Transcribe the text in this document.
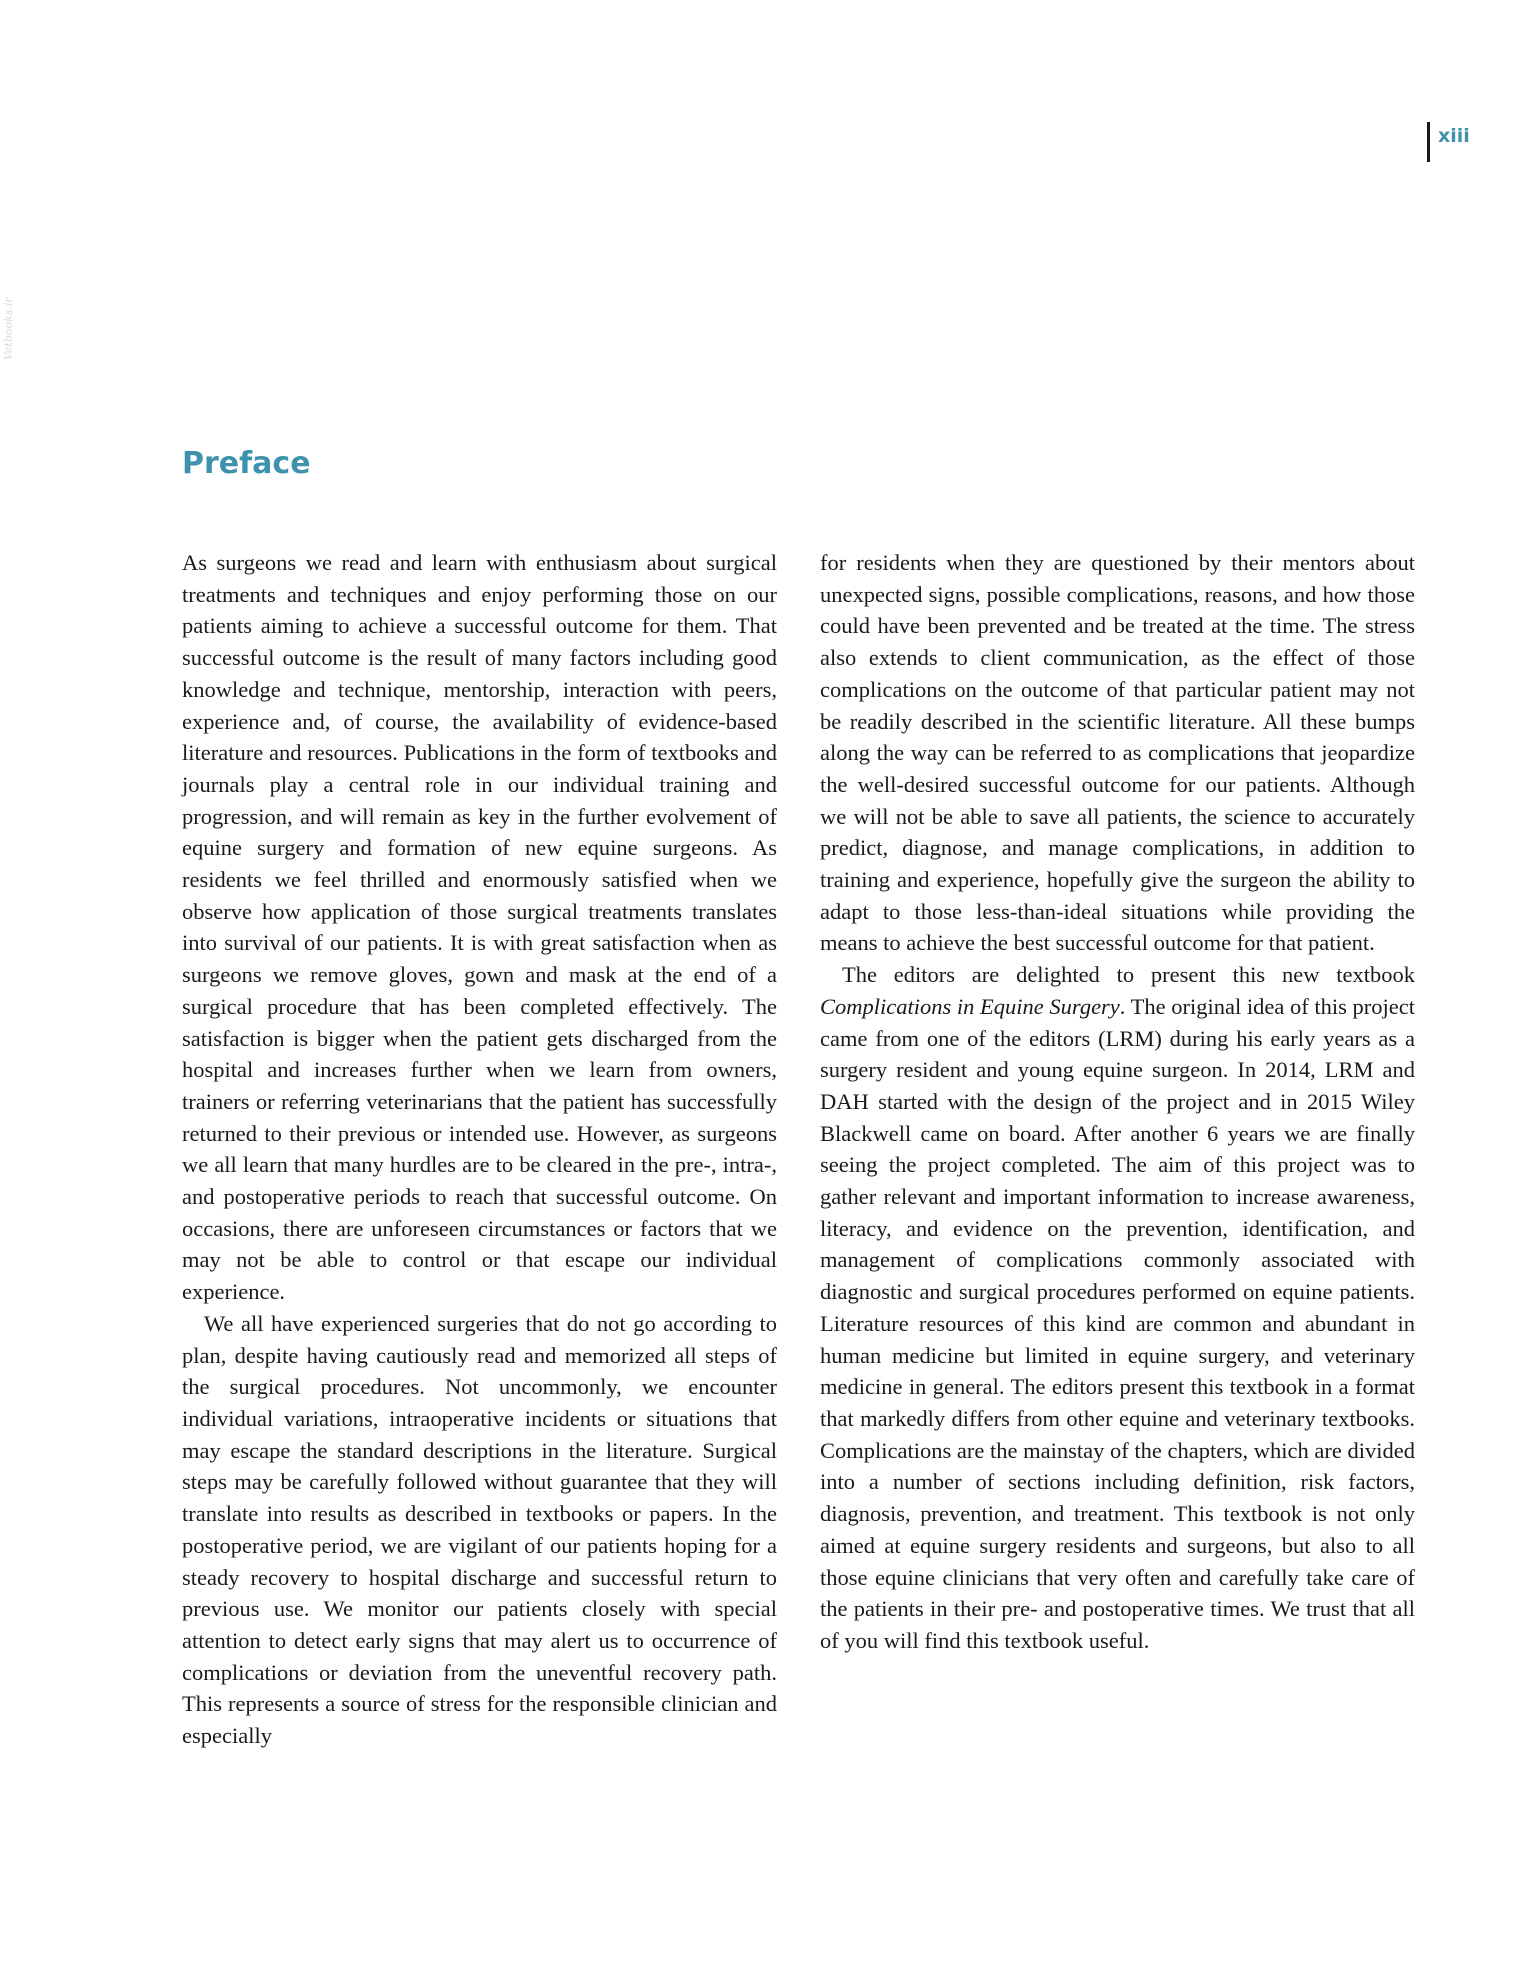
xiii
Vetbooks.ir
Preface

As surgeons we read and learn with enthusiasm about surgical treatments and techniques and enjoy performing those on our patients aiming to achieve a successful outcome for them. That successful outcome is the result of many factors including good knowledge and technique, mentorship, interaction with peers, experience and, of course, the availability of evidence-based literature and resources. Publications in the form of textbooks and journals play a central role in our individual training and progression, and will remain as key in the further evolvement of equine surgery and formation of new equine surgeons. As residents we feel thrilled and enormously satisfied when we observe how application of those surgical treatments translates into survival of our patients. It is with great satisfaction when as surgeons we remove gloves, gown and mask at the end of a surgical procedure that has been completed effectively. The satisfaction is bigger when the patient gets discharged from the hospital and increases further when we learn from owners, trainers or referring veterinarians that the patient has successfully returned to their previous or intended use. However, as surgeons we all learn that many hurdles are to be cleared in the pre-, intra-, and postoperative periods to reach that successful outcome. On occasions, there are unforeseen circumstances or factors that we may not be able to control or that escape our individual experience.

We all have experienced surgeries that do not go according to plan, despite having cautiously read and memorized all steps of the surgical procedures. Not uncommonly, we encounter individual variations, intraoperative incidents or situations that may escape the standard descriptions in the literature. Surgical steps may be carefully followed without guarantee that they will translate into results as described in textbooks or papers. In the postoperative period, we are vigilant of our patients hoping for a steady recovery to hospital discharge and successful return to previous use. We monitor our patients closely with special attention to detect early signs that may alert us to occurrence of complications or deviation from the uneventful recovery path. This represents a source of stress for the responsible clinician and especially

for residents when they are questioned by their mentors about unexpected signs, possible complications, reasons, and how those could have been prevented and be treated at the time. The stress also extends to client communication, as the effect of those complications on the outcome of that particular patient may not be readily described in the scientific literature. All these bumps along the way can be referred to as complications that jeopardize the well-desired successful outcome for our patients. Although we will not be able to save all patients, the science to accurately predict, diagnose, and manage complications, in addition to training and experience, hopefully give the surgeon the ability to adapt to those less-than-ideal situations while providing the means to achieve the best successful outcome for that patient.

The editors are delighted to present this new textbook Complications in Equine Surgery. The original idea of this project came from one of the editors (LRM) during his early years as a surgery resident and young equine surgeon. In 2014, LRM and DAH started with the design of the project and in 2015 Wiley Blackwell came on board. After another 6 years we are finally seeing the project completed. The aim of this project was to gather relevant and important information to increase awareness, literacy, and evidence on the prevention, identification, and management of complications commonly associated with diagnostic and surgical procedures performed on equine patients. Literature resources of this kind are common and abundant in human medicine but limited in equine surgery, and veterinary medicine in general. The editors present this textbook in a format that markedly differs from other equine and veterinary textbooks. Complications are the mainstay of the chapters, which are divided into a number of sections including definition, risk factors, diagnosis, prevention, and treatment. This textbook is not only aimed at equine surgery residents and surgeons, but also to all those equine clinicians that very often and carefully take care of the patients in their pre- and postoperative times. We trust that all of you will find this textbook useful.
